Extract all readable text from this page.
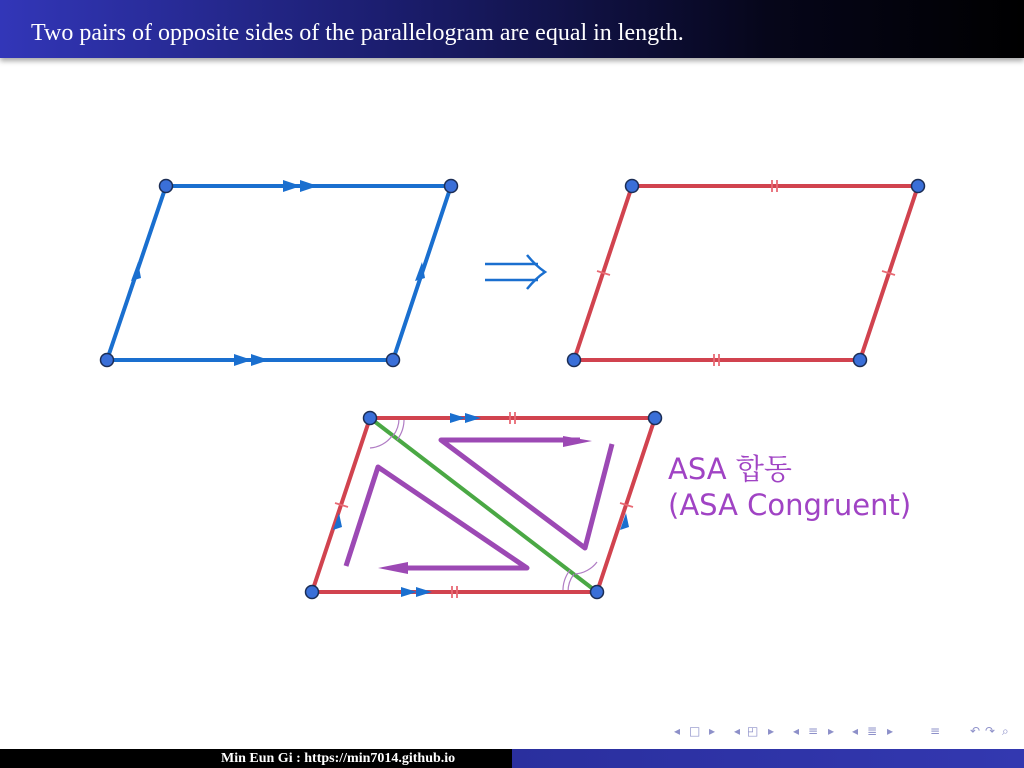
Two pairs of opposite sides of the parallelogram are equal in length.
ASA 합동
(ASA Congruent)
◂ □ ▸ ◂ ◰ ▸ ◂ ≡ ▸ ◂ ≣ ▸	≡ ↶ ↷ ⌕
Min Eun Gi : https://min7014.github.io
